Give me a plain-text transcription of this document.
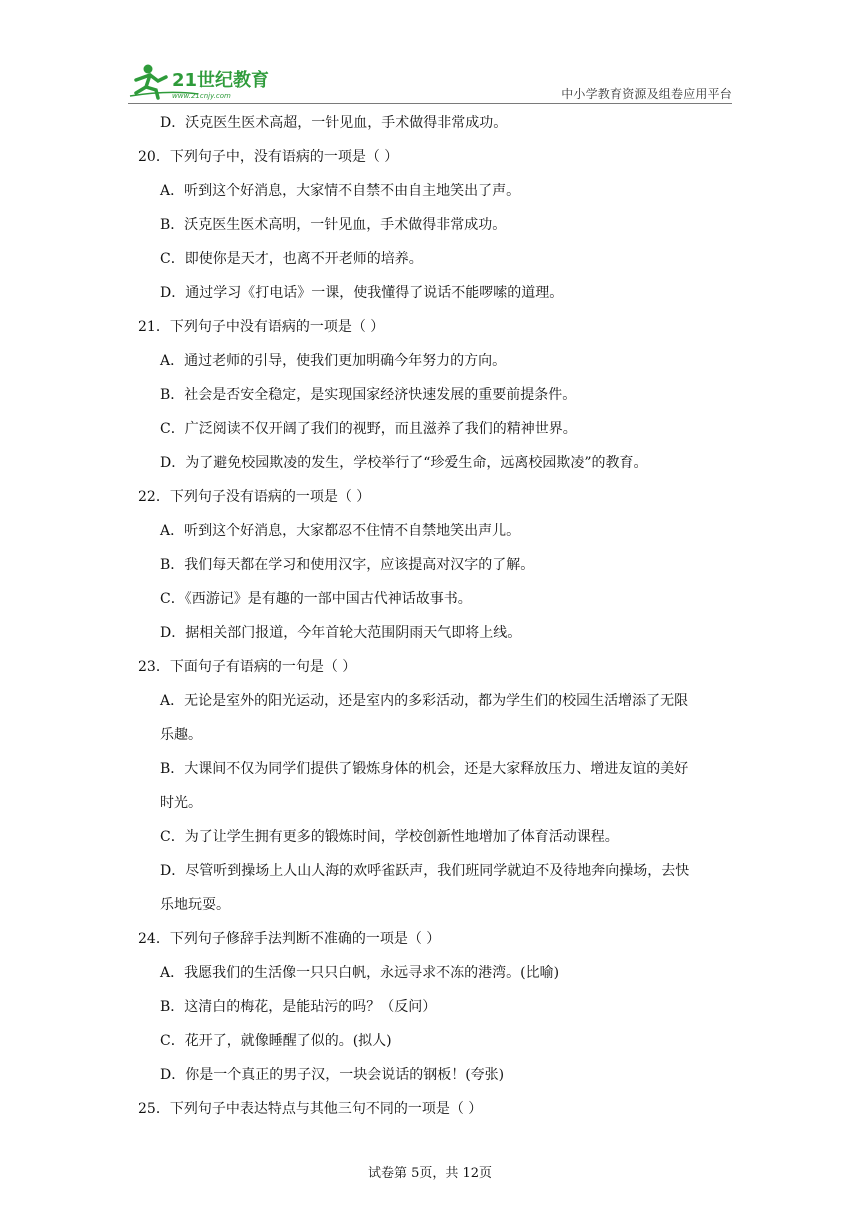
21世纪教育
www.21cnjy.com	中小学教育资源及组卷应用平台
D．沃克医生医术高超，一针见血，手术做得非常成功。
20．下列句子中，没有语病的一项是（ ）
A．听到这个好消息，大家情不自禁不由自主地笑出了声。
B．沃克医生医术高明，一针见血，手术做得非常成功。
C．即使你是天才，也离不开老师的培养。
D．通过学习《打电话》一课，使我懂得了说话不能啰嗦的道理。
21．下列句子中没有语病的一项是（ ）
A．通过老师的引导，使我们更加明确今年努力的方向。
B．社会是否安全稳定，是实现国家经济快速发展的重要前提条件。
C．广泛阅读不仅开阔了我们的视野，而且滋养了我们的精神世界。
D．为了避免校园欺凌的发生，学校举行了“珍爱生命，远离校园欺凌”的教育。
22．下列句子没有语病的一项是（ ）
A．听到这个好消息，大家都忍不住情不自禁地笑出声儿。
B．我们每天都在学习和使用汉字，应该提高对汉字的了解。
C．《西游记》是有趣的一部中国古代神话故事书。
D．据相关部门报道，今年首轮大范围阴雨天气即将上线。
23．下面句子有语病的一句是（ ）
A．无论是室外的阳光运动，还是室内的多彩活动，都为学生们的校园生活增添了无限
乐趣。
B．大课间不仅为同学们提供了锻炼身体的机会，还是大家释放压力、增进友谊的美好
时光。
C．为了让学生拥有更多的锻炼时间，学校创新性地增加了体育活动课程。
D．尽管听到操场上人山人海的欢呼雀跃声，我们班同学就迫不及待地奔向操场，去快
乐地玩耍。
24．下列句子修辞手法判断不准确的一项是（ ）
A．我愿我们的生活像一只只白帆，永远寻求不冻的港湾。(比喻)
B．这清白的梅花，是能玷污的吗？（反问）
C．花开了，就像睡醒了似的。(拟人)
D．你是一个真正的男子汉，一块会说话的钢板！(夸张)
25．下列句子中表达特点与其他三句不同的一项是（ ）
试卷第 5页，共 12页
